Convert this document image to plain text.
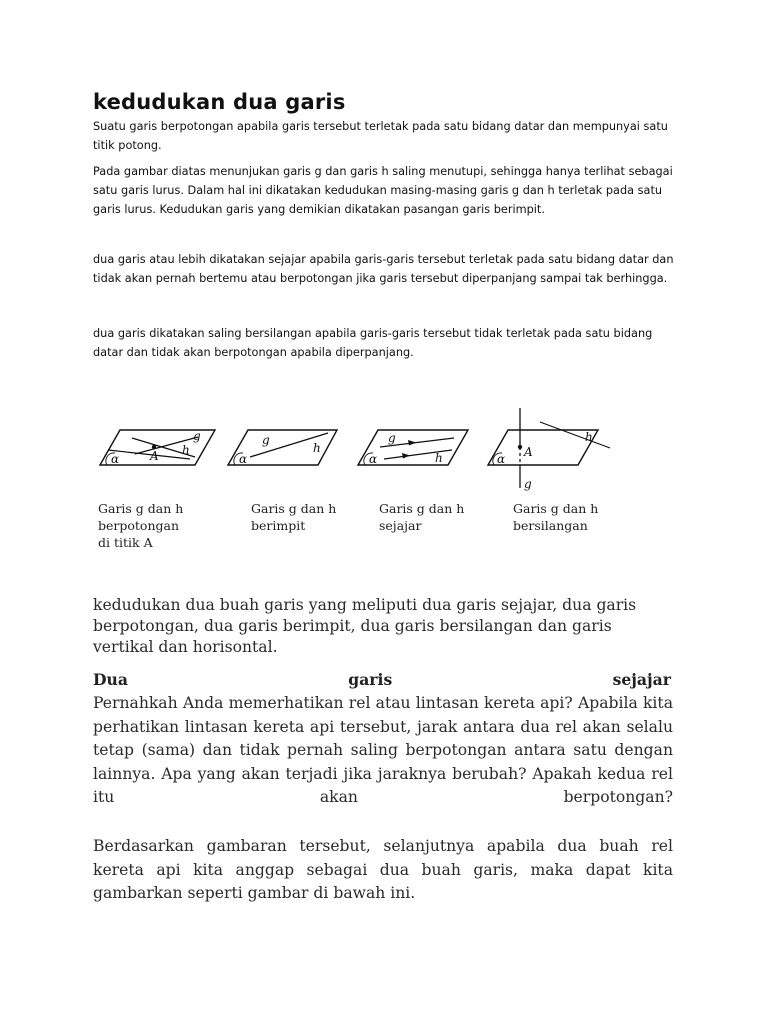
kedudukan dua garis

Suatu garis berpotongan apabila garis tersebut terletak pada satu bidang datar dan mempunyai satu titik potong.

Pada gambar diatas menunjukan garis g dan garis h saling menutupi, sehingga hanya terlihat sebagai satu garis lurus. Dalam hal ini dikatakan kedudukan masing-masing garis g dan h terletak pada satu garis lurus. Kedudukan garis yang demikian dikatakan pasangan garis berimpit.

dua garis atau lebih dikatakan sejajar apabila garis-garis tersebut terletak pada satu bidang datar dan tidak akan pernah bertemu atau berpotongan jika garis tersebut diperpanjang sampai tak berhingga.

dua garis dikatakan saling bersilangan apabila garis-garis tersebut tidak terletak pada satu bidang datar dan tidak akan berpotongan apabila diperpanjang.

g
h
A
α
g
h
α
g
h
α	A
g
h
α
Garis g dan h
berpotongan
di titik A
Garis g dan h
berimpit
Garis g dan h
sejajar
Garis g dan h
bersilangan

kedudukan dua buah garis yang meliputi dua garis sejajar, dua garis berpotongan, dua garis berimpit, dua garis bersilangan dan garis vertikal dan horisontal.

Dua	garis	sejajar
Pernahkah Anda memerhatikan rel atau lintasan kereta api? Apabila kita perhatikan lintasan kereta api tersebut, jarak antara dua rel akan selalu tetap (sama) dan tidak pernah saling berpotongan antara satu dengan lainnya. Apa yang akan terjadi jika jaraknya berubah? Apakah kedua rel
itu	akan	berpotongan?

Berdasarkan gambaran tersebut, selanjutnya apabila dua buah rel kereta api kita anggap sebagai dua buah garis, maka dapat kita gambarkan seperti gambar di bawah ini.
